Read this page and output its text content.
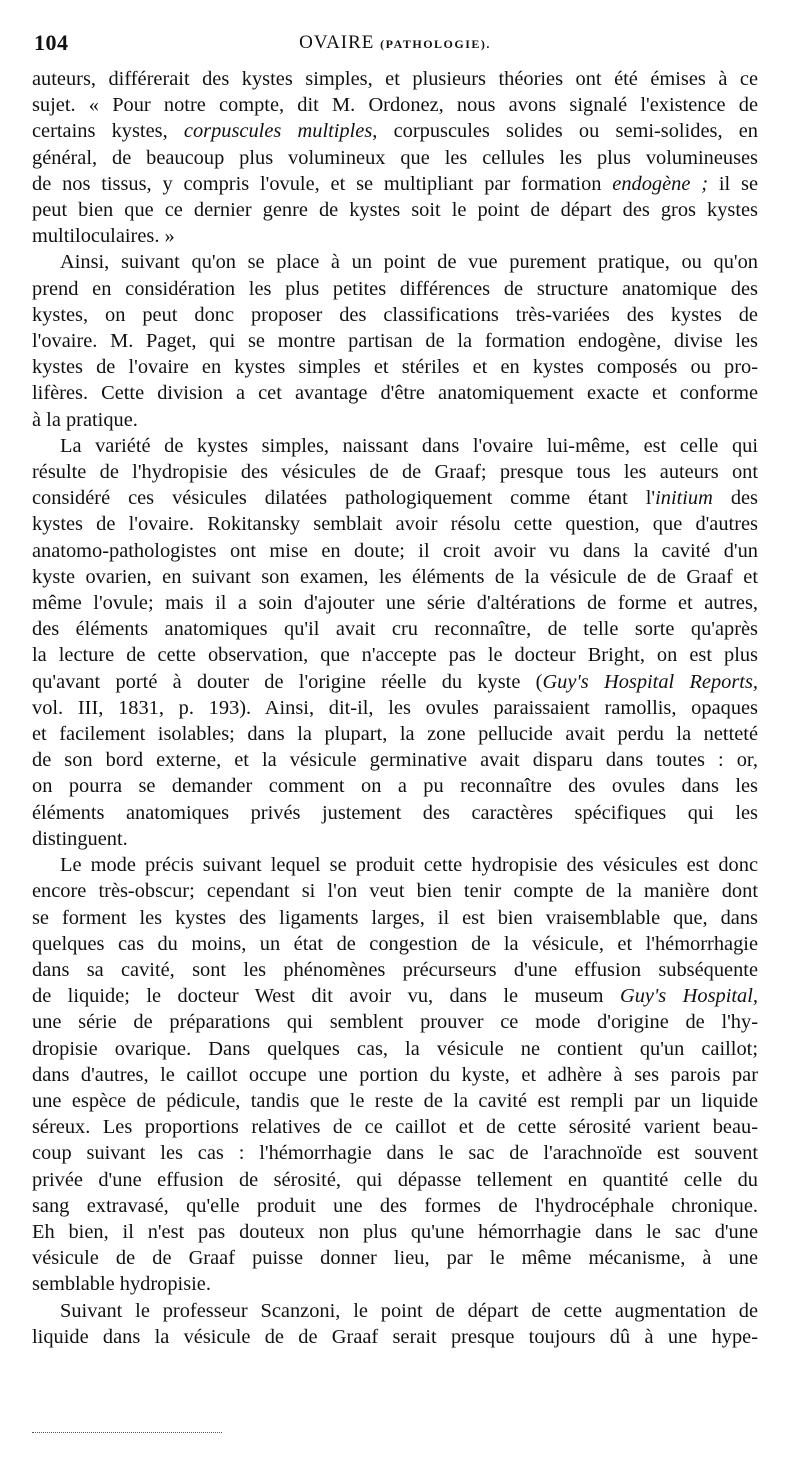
104	OVAIRE (PATHOLOGIE).
auteurs, différerait des kystes simples, et plusieurs théories ont été émises à ce
sujet. « Pour notre compte, dit M. Ordonez, nous avons signalé l'existence de
certains kystes, corpuscules multiples, corpuscules solides ou semi-solides, en
général, de beaucoup plus volumineux que les cellules les plus volumineuses
de nos tissus, y compris l'ovule, et se multipliant par formation endogène ; il se
peut bien que ce dernier genre de kystes soit le point de départ des gros kystes
multiloculaires. »
Ainsi, suivant qu'on se place à un point de vue purement pratique, ou qu'on
prend en considération les plus petites différences de structure anatomique des
kystes, on peut donc proposer des classifications très-variées des kystes de
l'ovaire. M. Paget, qui se montre partisan de la formation endogène, divise les
kystes de l'ovaire en kystes simples et stériles et en kystes composés ou pro-
lifères. Cette division a cet avantage d'être anatomiquement exacte et conforme
à la pratique.
La variété de kystes simples, naissant dans l'ovaire lui-même, est celle qui
résulte de l'hydropisie des vésicules de de Graaf; presque tous les auteurs ont
considéré ces vésicules dilatées pathologiquement comme étant l'initium des
kystes de l'ovaire. Rokitansky semblait avoir résolu cette question, que d'autres
anatomo-pathologistes ont mise en doute; il croit avoir vu dans la cavité d'un
kyste ovarien, en suivant son examen, les éléments de la vésicule de de Graaf et
même l'ovule; mais il a soin d'ajouter une série d'altérations de forme et autres,
des éléments anatomiques qu'il avait cru reconnaître, de telle sorte qu'après
la lecture de cette observation, que n'accepte pas le docteur Bright, on est plus
qu'avant porté à douter de l'origine réelle du kyste (Guy's Hospital Reports,
vol. III, 1831, p. 193). Ainsi, dit-il, les ovules paraissaient ramollis, opaques
et facilement isolables; dans la plupart, la zone pellucide avait perdu la netteté
de son bord externe, et la vésicule germinative avait disparu dans toutes : or,
on pourra se demander comment on a pu reconnaître des ovules dans les
éléments anatomiques privés justement des caractères spécifiques qui les
distinguent.
Le mode précis suivant lequel se produit cette hydropisie des vésicules est donc
encore très-obscur; cependant si l'on veut bien tenir compte de la manière dont
se forment les kystes des ligaments larges, il est bien vraisemblable que, dans
quelques cas du moins, un état de congestion de la vésicule, et l'hémorrhagie
dans sa cavité, sont les phénomènes précurseurs d'une effusion subséquente
de liquide; le docteur West dit avoir vu, dans le museum Guy's Hospital,
une série de préparations qui semblent prouver ce mode d'origine de l'hy-
dropisie ovarique. Dans quelques cas, la vésicule ne contient qu'un caillot;
dans d'autres, le caillot occupe une portion du kyste, et adhère à ses parois par
une espèce de pédicule, tandis que le reste de la cavité est rempli par un liquide
séreux. Les proportions relatives de ce caillot et de cette sérosité varient beau-
coup suivant les cas : l'hémorrhagie dans le sac de l'arachnoïde est souvent
privée d'une effusion de sérosité, qui dépasse tellement en quantité celle du
sang extravasé, qu'elle produit une des formes de l'hydrocéphale chronique.
Eh bien, il n'est pas douteux non plus qu'une hémorrhagie dans le sac d'une
vésicule de de Graaf puisse donner lieu, par le même mécanisme, à une
semblable hydropisie.
Suivant le professeur Scanzoni, le point de départ de cette augmentation de
liquide dans la vésicule de de Graaf serait presque toujours dû à une hype-
